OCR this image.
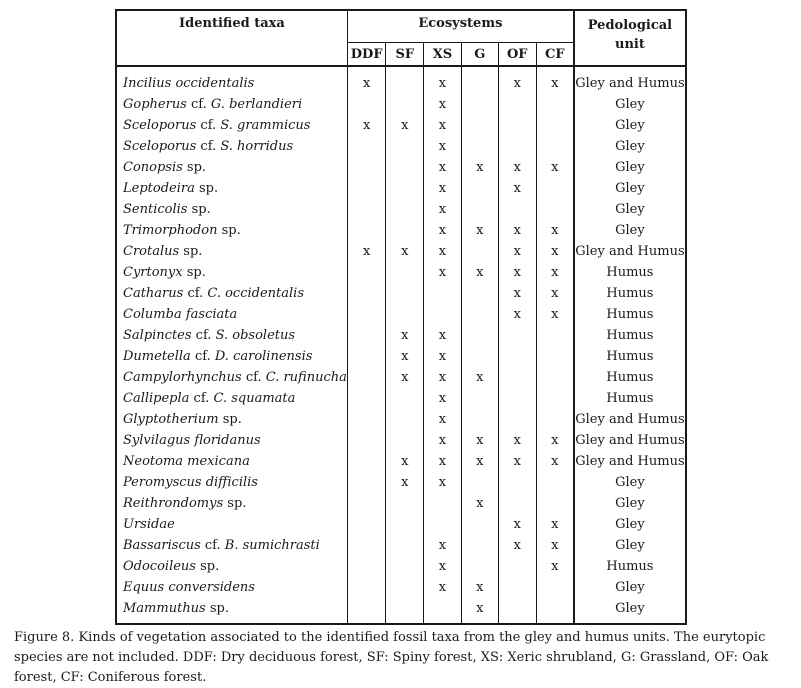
Identified taxa	Ecosystems						Pedological
unit
	DDF	SF	XS	G	OF	CF	
Incilius occidentalis	x		x		x	x	Gley and Humus
Gopherus cf. G. berlandieri			x				Gley
Sceloporus cf. S. grammicus	x	x	x				Gley
Sceloporus cf. S. horridus			x				Gley
Conopsis sp.			x	x	x	x	Gley
Leptodeira sp.			x		x		Gley
Senticolis sp.			x				Gley
Trimorphodon sp.			x	x	x	x	Gley
Crotalus sp.	x	x	x		x	x	Gley and Humus
Cyrtonyx sp.			x	x	x	x	Humus
Catharus cf. C. occidentalis					x	x	Humus
Columba fasciata					x	x	Humus
Salpinctes cf. S. obsoletus		x	x				Humus
Dumetella cf. D. carolinensis		x	x				Humus
Campylorhynchus cf. C. rufinucha		x	x	x			Humus
Callipepla cf. C. squamata			x				Humus
Glyptotherium sp.			x				Gley and Humus
Sylvilagus floridanus			x	x	x	x	Gley and Humus
Neotoma mexicana		x	x	x	x	x	Gley and Humus
Peromyscus difficilis		x	x				Gley
Reithrondomys sp.				x			Gley
Ursidae					x	x	Gley
Bassariscus cf. B. sumichrasti			x		x	x	Gley
Odocoileus sp.			x			x	Humus
Equus conversidens			x	x			Gley
Mammuthus sp.				x			Gley
Figure 8. Kinds of vegetation associated to the identified fossil taxa from the gley and humus units. The eurytopic species are not included. DDF: Dry deciduous forest, SF: Spiny forest, XS: Xeric shrubland, G: Grassland, OF: Oak forest, CF: Coniferous forest.
